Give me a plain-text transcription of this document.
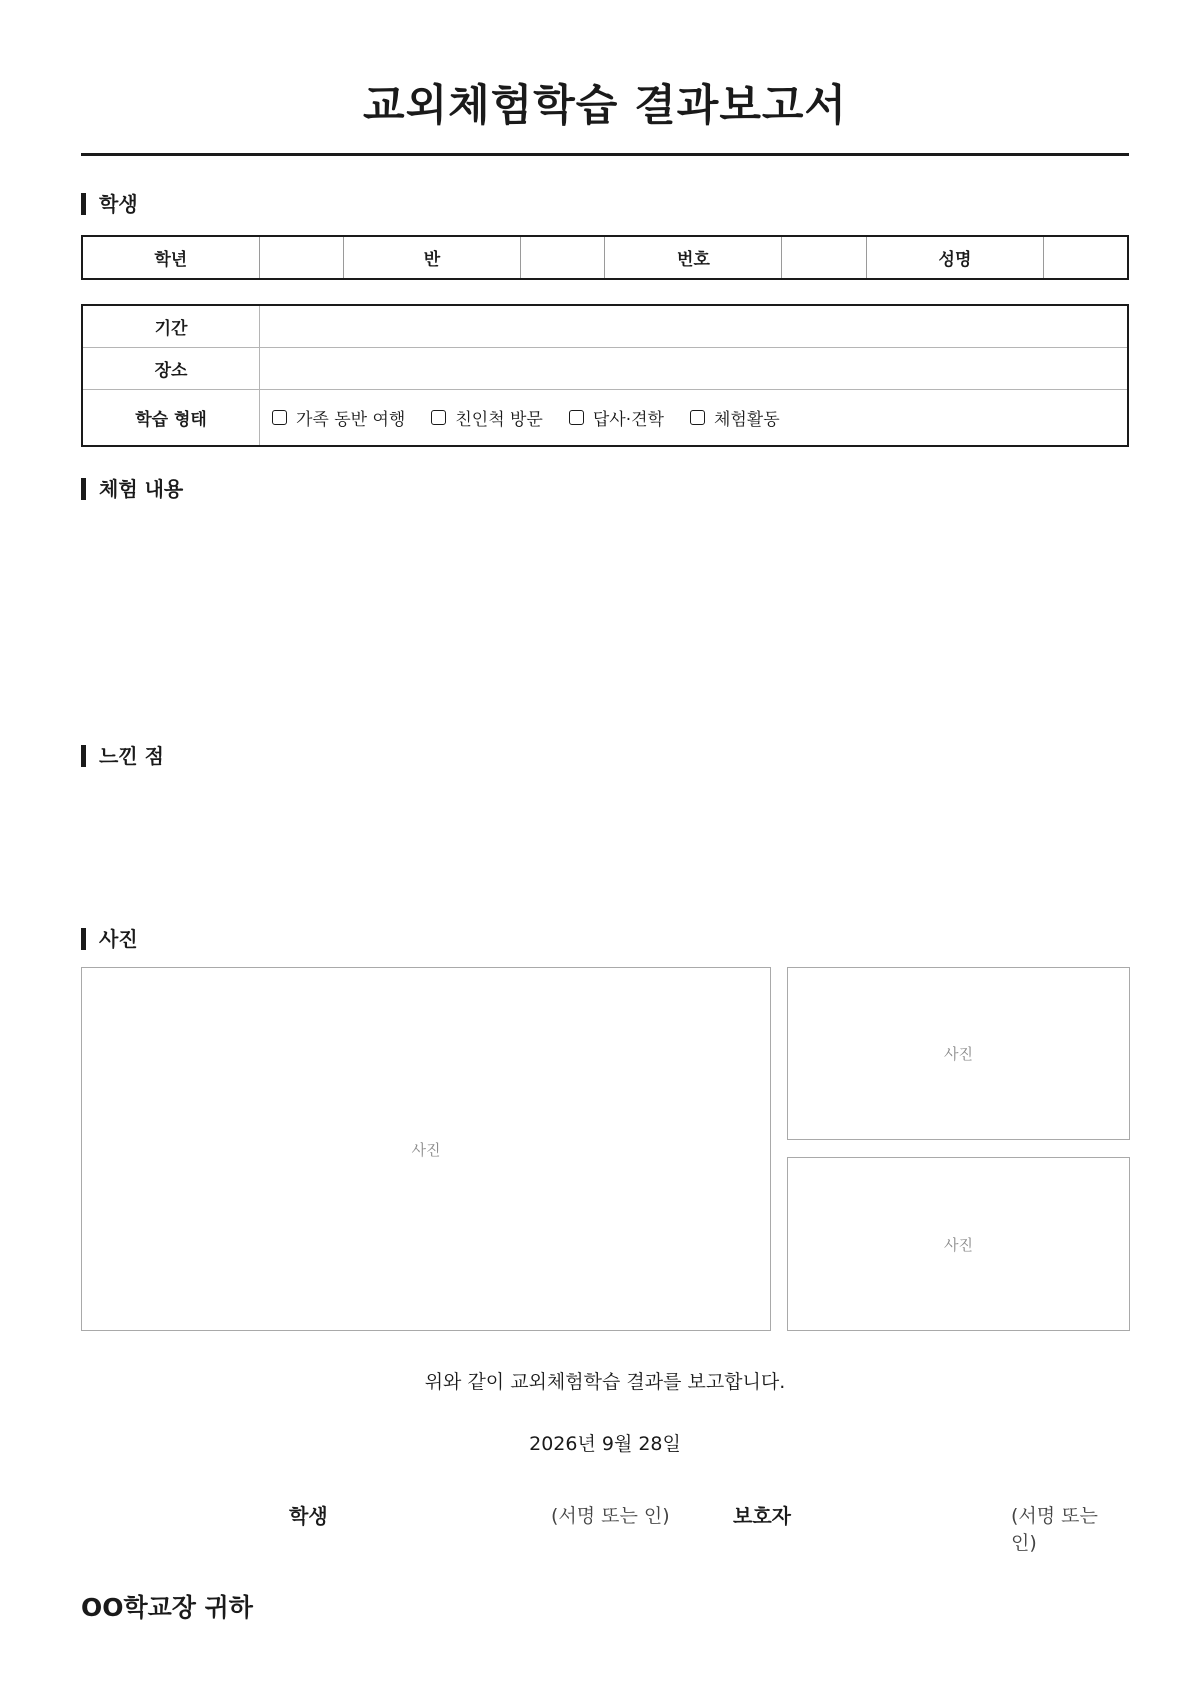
교외체험학습 결과보고서
학생
학년		반		번호		성명	
기간	
장소	
학습 형태	가족 동반 여행 친인척 방문 답사·견학 체험활동
체험 내용
느낀 점
사진
사진
사진
사진
위와 같이 교외체험학습 결과를 보고합니다.
2026년 9월 28일
학생	(서명 또는 인)	보호자	(서명 또는 인)
OO학교장 귀하
